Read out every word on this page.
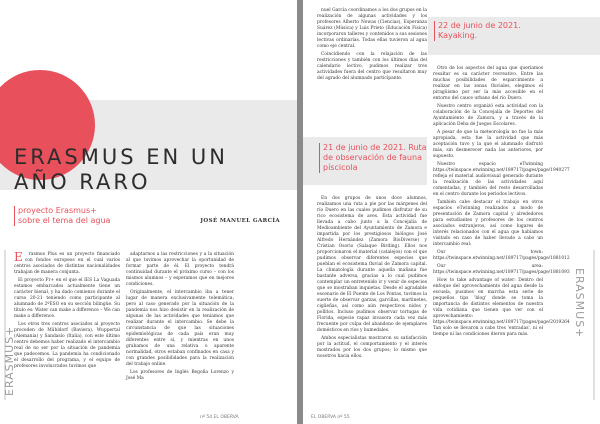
ERASMUS EN UN
AÑO RARO
proyecto Erasmus+ sobre el tema del agua	JOSÉ MANUEL GARCÍA

E rasmus Plus es un proyecto financiado con fondos europeos en el cual varios centros asociados de distintas nacionalidades trabajan de manera conjunta.

El proyecto Fr+ en el que el IES La Vaguada estamos embarcados actualmente tiene un carácter bienal, y ha dado comienzo durante el curso 20-21 teniendo como participante al alumnado de 2ºESO en su sección bilingüe. Su título es: Water can make a difference – We can make a difference.

Los otros tres centros asociados al proyecto proceden de Mühldorf (Baviera), Wuppertal (Alemania) y Sandasío (Italia), con este último centro debemos haber realizado el intercambio real de no ser por la situación de pandemia que padecemos. La pandemia ha condicionado el desarrollo del programa, y el equipo de profesores involucrados tuvimos que

adaptarnos a las restricciones y a la situación al que tuvimos aprovechar la oportunidad de formar parte de él. El proyecto tendrá continuidad durante el próximo curso – con los mismos alumnos – y esperamos que en mejores condiciones.

Originalmente, el intercambio iba a tener lugar de manera exclusivamente telemática; pero al caso generado por la situación de la pandemia nos hizo desistir en la realización de algunas de las actividades que teníamos que realizar durante el intercambio. Se debe la circunstancia de que las situaciones epidemiológicas de cada país eran muy diferentes entre sí, y mientras en unos grabamos de una relativa o aparente normalidad, otros estaban confinados en casa y con grandes posibilidades para la realización del trabajo online.

Los profesores de Inglés Begoña Lorenzo y José Ma

ERASMUS+
nº 54 EL OBERVA
22 de junio de 2021.
Kayaking.

nuel García coordinamos a los dos grupos en la realización de algunas actividades y los profesores Alberto Nowas (Ciencias), Esperanza Suárez (Música) y Luis Prieto (Educación Física) incorporaron talleres y contenidos a sus sesiones lectivas ordinarias. Todas ellas tuvieron al agua como eje central.

Coincidiendo con la relajación de las restricciones y también con los últimos días del calendario lectivo, pudimos realizar tres actividades fuera del centro que resultaron muy del agrado del alumnado participante.

21 de junio de 2021. Ruta
de observación de fauna píscicola

En dos grupos de unos doce alumnos, realizamos una ruta a pie por las márgenes del río Duero en las cuales pudimos disfrutar de su rico ecosistema de aves. Esta actividad fue llevada a cabo junto a la Concejalía de Medioambiente del Ayuntamiento de Zamora e impartida por los prestigiosos biólogos José Alfredo Hernández (Zamora BioDiverse) y Cristian Osorio (Salaque Birding). Ellos nos proporcionaron el material (catalejos) con el que pudimos observar diferentes especies que pueblan el ecosistema fluvial de Zamora capital. La climatología durante aquella mañana fue bastante adversa, gracias a lo cual pudimos contemplar un entretenido ir y venir de especies que se mostraban inquietas. Desde el agradable escenario de El Puente de Los Pontas, tuvimos la suerte de observar garzas, garcillas, martinetes, cigüeñas, así como aún respectivos nidos y pollitos. Incluso pudimos observar tortugas de Florida, especie rapaz invasora cada vez más frecuente por culpa del abandono de ejemplares domésticos en ríos y humedales.

Ambos especialistas mostraron su satisfacción por la actitud, el comportamiento y el interés mostrados por los dos grupos; lo mismo que nosotros hacia ellos.

Otro de los aspectos del agua que queríamos resaltar es su carácter recreativo. Entre las muchas posibilidades de esparcimiento a realizar en las zonas fluviales, elegimos el piragüismo por ser la más accesible en el entorno del cauce urbano del río Duero.

Nuestro centro organizó esta actividad con la colaboración de la Concejalía de Deportes del Ayuntamiento de Zamora, y a través de la aplicación Deba de Juegos Escolares.

A pesar de que la meteorología no fue la más apropiada, esta fue la actividad que más aceptación tuvo y la que el alumnado disfrutó más, sin desmerecer nada las anteriores, por supuesto.

Nuestro espacio eTwinning https://twinspace.etwinning.net/189717/pages/page/1940277 refleja el material audiovisual generado durante la realización de las actividades aquí comentadas, y también del resto desarrolladas en el centro durante los periodos lectivos.

También cabe destacar el trabajo en otros espacios eTwinning realizados a modo de presentación de Zamora capital y alrededores para estudiantes y profesores de los centros asociados extranjeros, así como lugares de interés relacionados con el agua que habíamos visitado en caso de haber llevado a cabo un intercambio real:

Our town: https://twinspace.etwinning.net/189717/pages/page/1881012

Our area: https://twinspace.etwinning.net/189717/pages/page/1881093

How to take advantage of water: Dentro del enfoque del aprovechamiento del agua desde la escuela, pusimos en marcha esta serie de pequeños tips 'blog' donde se toma la importancia de distintos elementos de nuestra vida cotidiana que tienen que ver con el aprovechamiento: https://twinspace.etwinning.net/189717/pages/page/2019264 Tan solo se llevaron a cabo tres 'entradas', ni el tiempo ni las condiciones dieron para más.	ERASMUS+
EL OBERVA nº 55
